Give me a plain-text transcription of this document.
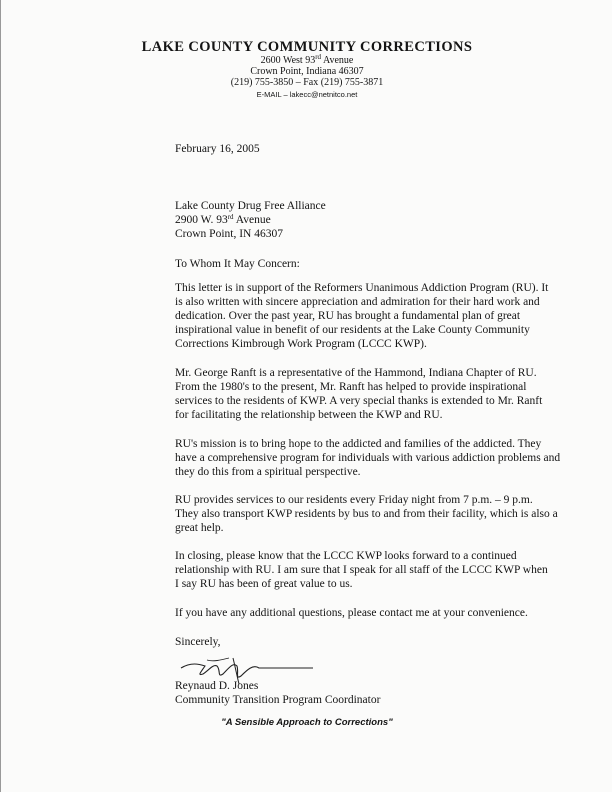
LAKE COUNTY COMMUNITY CORRECTIONS
2600 West 93rd Avenue
Crown Point, Indiana 46307
(219) 755-3850 – Fax (219) 755-3871
E-MAIL – lakecc@netnitco.net
February 16, 2005
Lake County Drug Free Alliance
2900 W. 93rd Avenue
Crown Point, IN 46307
To Whom It May Concern:
This letter is in support of the Reformers Unanimous Addiction Program (RU). It
is also written with sincere appreciation and admiration for their hard work and
dedication. Over the past year, RU has brought a fundamental plan of great
inspirational value in benefit of our residents at the Lake County Community
Corrections Kimbrough Work Program (LCCC KWP).
Mr. George Ranft is a representative of the Hammond, Indiana Chapter of RU.
From the 1980's to the present, Mr. Ranft has helped to provide inspirational
services to the residents of KWP. A very special thanks is extended to Mr. Ranft
for facilitating the relationship between the KWP and RU.
RU's mission is to bring hope to the addicted and families of the addicted. They
have a comprehensive program for individuals with various addiction problems and
they do this from a spiritual perspective.
RU provides services to our residents every Friday night from 7 p.m. – 9 p.m.
They also transport KWP residents by bus to and from their facility, which is also a
great help.
In closing, please know that the LCCC KWP looks forward to a continued
relationship with RU. I am sure that I speak for all staff of the LCCC KWP when
I say RU has been of great value to us.
If you have any additional questions, please contact me at your convenience.
Sincerely,
Reynaud D. Jones
Community Transition Program Coordinator
"A Sensible Approach to Corrections"
